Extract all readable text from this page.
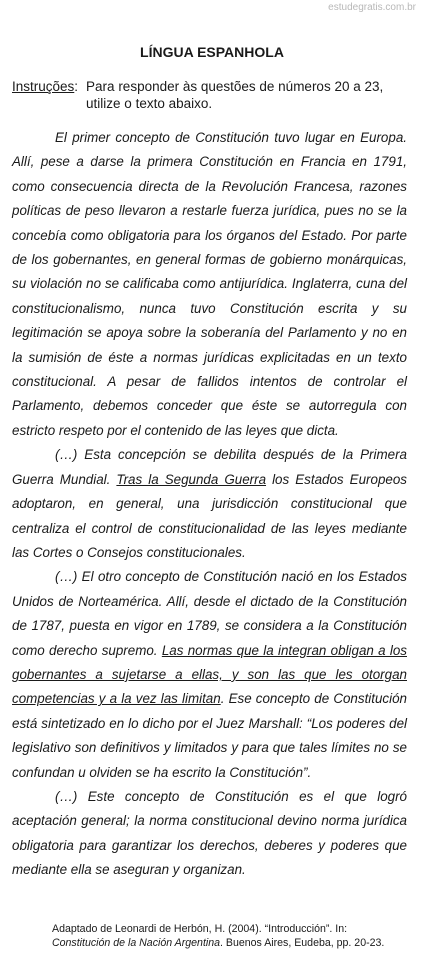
estudegratis.com.br
LÍNGUA ESPANHOLA
Instruções : Para responder às questões de números 20 a 23, utilize o texto abaixo.

El primer concepto de Constitución tuvo lugar en Europa. Allí, pese a darse la primera Constitución en Francia en 1791, como consecuencia directa de la Revolución Francesa, razones políticas de peso llevaron a restarle fuerza jurídica, pues no se la concebía como obligatoria para los órganos del Estado. Por parte de los gobernantes, en general formas de gobierno monárquicas, su violación no se calificaba como antijurídica. Inglaterra, cuna del constitucionalismo, nunca tuvo Constitución escrita y su legitimación se apoya sobre la soberanía del Parlamento y no en la sumisión de éste a normas jurídicas explicitadas en un texto constitucional. A pesar de fallidos intentos de controlar el Parlamento, debemos conceder que éste se autorregula con estricto respeto por el contenido de las leyes que dicta.

(…) Esta concepción se debilita después de la Primera Guerra Mundial. Tras la Segunda Guerra los Estados Europeos adoptaron, en general, una jurisdicción constitucional que centraliza el control de constitucionalidad de las leyes mediante las Cortes o Consejos constitucionales.

(…) El otro concepto de Constitución nació en los Estados Unidos de Norteamérica. Allí, desde el dictado de la Constitución de 1787, puesta en vigor en 1789, se considera a la Constitución como derecho supremo. Las normas que la integran obligan a los gobernantes a sujetarse a ellas, y son las que les otorgan competencias y a la vez las limitan. Ese concepto de Constitución está sintetizado en lo dicho por el Juez Marshall: “Los poderes del legislativo son definitivos y limitados y para que tales límites no se confundan u olviden se ha escrito la Constitución”.

(…) Este concepto de Constitución es el que logró aceptación general; la norma constitucional devino norma jurídica obligatoria para garantizar los derechos, deberes y poderes que mediante ella se aseguran y organizan.

Adaptado de Leonardi de Herbón, H. (2004). “Introducción”. In:
Constitución de la Nación Argentina. Buenos Aires, Eudeba, pp. 20-23.
